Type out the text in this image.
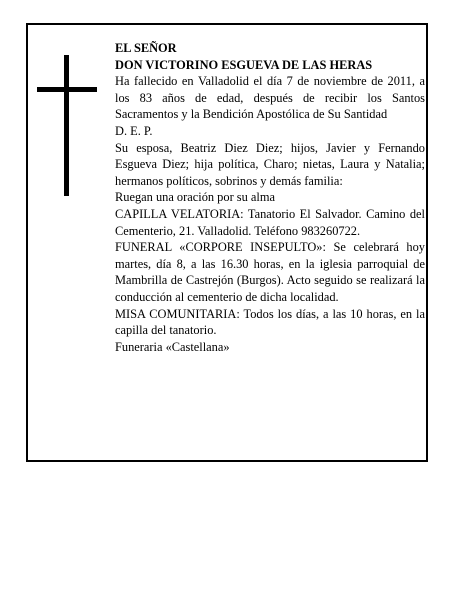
EL SEÑOR

DON VICTORINO ESGUEVA DE LAS HERAS

Ha fallecido en Valladolid el día 7 de noviembre de 2011, a los 83 años de edad, después de recibir los Santos Sacramentos y la Bendición Apostólica de Su Santidad

D. E. P.

Su esposa, Beatriz Diez Diez; hijos, Javier y Fernando Esgueva Diez; hija política, Charo; nietas, Laura y Natalia; hermanos políticos, sobrinos y demás familia:

Ruegan una oración por su alma

CAPILLA VELATORIA: Tanatorio El Salvador. Camino del Cementerio, 21. Valladolid. Teléfono 983260722.

FUNERAL «CORPORE INSEPULTO»: Se celebrará hoy martes, día 8, a las 16.30 horas, en la iglesia parroquial de Mambrilla de Castrejón (Burgos). Acto seguido se realizará la conducción al cementerio de dicha localidad.

MISA COMUNITARIA: Todos los días, a las 10 horas, en la capilla del tanatorio.

Funeraria «Castellana»
